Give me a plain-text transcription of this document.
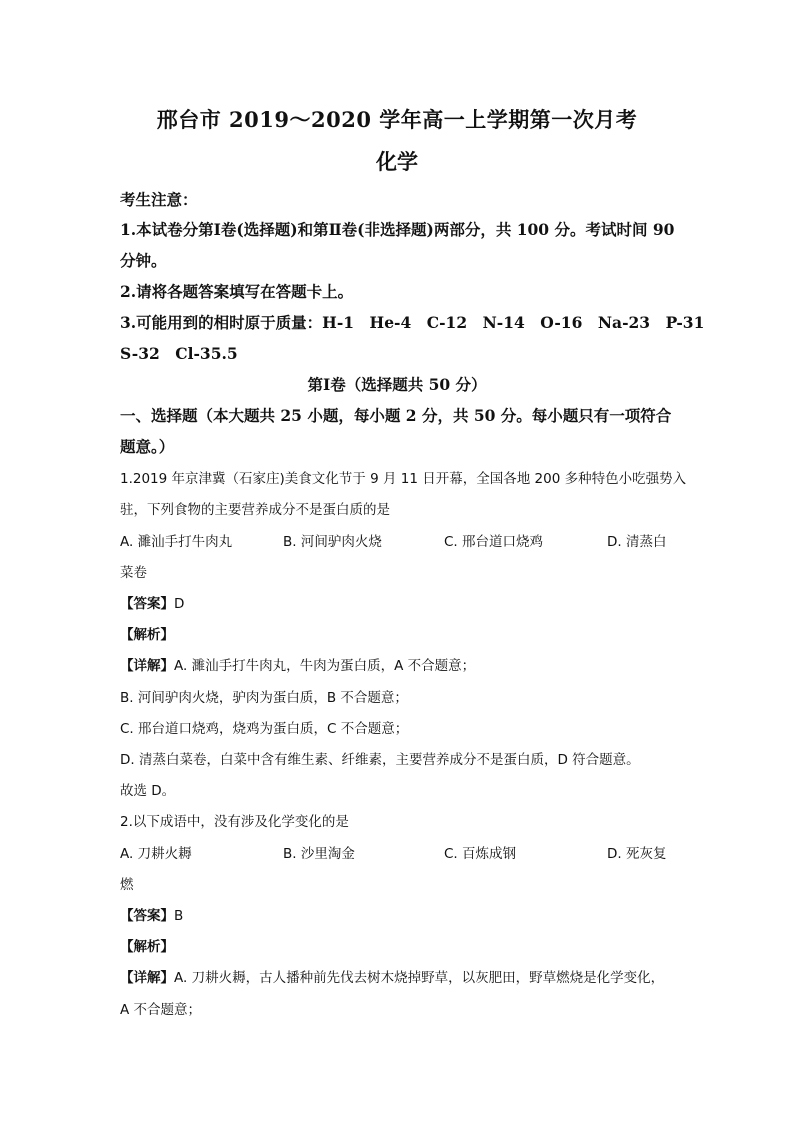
邢台市 2019～2020 学年高一上学期第一次月考
化学
考生注意：
1.本试卷分第Ⅰ卷(选择题)和第Ⅱ卷(非选择题)两部分，共 100 分。考试时间 90
分钟。
2.请将各题答案填写在答题卡上。
3.可能用到的相时原于质量：H-1　He-4　C-12　N-14　O-16　Na-23　P-31
S-32　Cl-35.5
第Ⅰ卷（选择题共 50 分）
一、选择题（本大题共 25 小题，每小题 2 分，共 50 分。每小题只有一项符合
题意。）
1.2019 年京津冀（石家庄)美食文化节于 9 月 11 日开幕，全国各地 200 多种特色小吃强势入
驻，下列食物的主要营养成分不是蛋白质的是
A. 濉汕手打牛肉丸	B. 河间驴肉火烧	C. 邢台道口烧鸡	D. 清蒸白
菜卷
【答案】D
【解析】
【详解】A. 濉汕手打牛肉丸，牛肉为蛋白质，A 不合题意；
B. 河间驴肉火烧，驴肉为蛋白质，B 不合题意；
C. 邢台道口烧鸡，烧鸡为蛋白质，C 不合题意；
D. 清蒸白菜卷，白菜中含有维生素、纤维素，主要营养成分不是蛋白质，D 符合题意。
故选 D。
2.以下成语中，没有涉及化学变化的是
A. 刀耕火耨	B. 沙里淘金	C. 百炼成钢	D. 死灰复
燃
【答案】B
【解析】
【详解】A. 刀耕火耨，古人播种前先伐去树木烧掉野草，以灰肥田，野草燃烧是化学变化，
A 不合题意；
